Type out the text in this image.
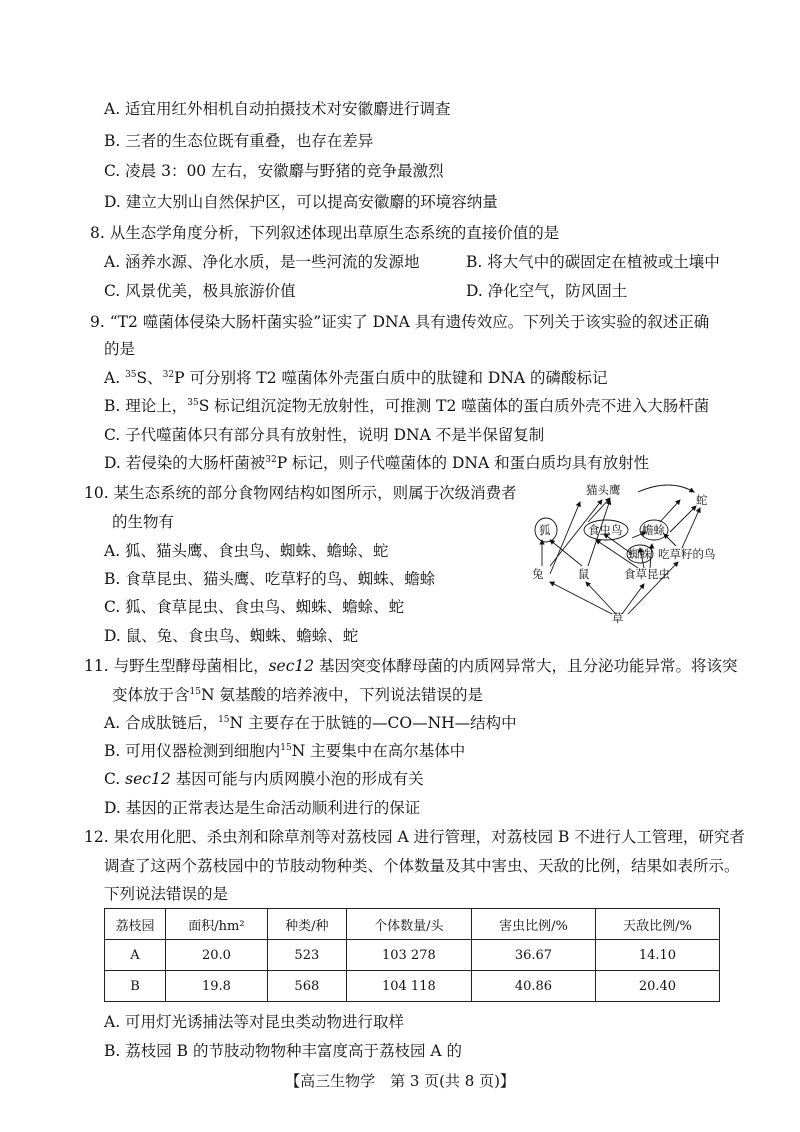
A. 适宜用红外相机自动拍摄技术对安徽麝进行调查
B. 三者的生态位既有重叠，也存在差异
C. 凌晨 3：00 左右，安徽麝与野猪的竞争最激烈
D. 建立大别山自然保护区，可以提高安徽麝的环境容纳量
8. 从生态学角度分析，下列叙述体现出草原生态系统的直接价值的是
A. 涵养水源、净化水质，是一些河流的发源地	B. 将大气中的碳固定在植被或土壤中
C. 风景优美，极具旅游价值	D. 净化空气，防风固土
9. “T2 噬菌体侵染大肠杆菌实验”证实了 DNA 具有遗传效应。下列关于该实验的叙述正确
的是
A. $^{35}$S、$^{32}$P 可分别将 T2 噬菌体外壳蛋白质中的肽键和 DNA 的磷酸标记
B. 理论上，$^{35}$S 标记组沉淀物无放射性，可推测 T2 噬菌体的蛋白质外壳不进入大肠杆菌
C. 子代噬菌体只有部分具有放射性，说明 DNA 不是半保留复制
D. 若侵染的大肠杆菌被$^{32}$P 标记，则子代噬菌体的 DNA 和蛋白质均具有放射性
10. 某生态系统的部分食物网结构如图所示，则属于次级消费者
的生物有
A. 狐、猫头鹰、食虫鸟、蜘蛛、蟾蜍、蛇
B. 食草昆虫、猫头鹰、吃草籽的鸟、蜘蛛、蟾蜍
C. 狐、食草昆虫、食虫鸟、蜘蛛、蟾蜍、蛇
D. 鼠、兔、食虫鸟、蜘蛛、蟾蜍、蛇
猫头鹰
蛇
狐	食虫鸟 蟾蜍
蜘蛛 吃草籽的鸟
兔	鼠	食草昆虫
草
11. 与野生型酵母菌相比，sec12 基因突变体酵母菌的内质网异常大，且分泌功能异常。将该突
变体放于含$^{15}$N 氨基酸的培养液中，下列说法错误的是
A. 合成肽链后，$^{15}$N 主要存在于肽链的—CO—NH—结构中
B. 可用仪器检测到细胞内$^{15}$N 主要集中在高尔基体中
C. sec12 基因可能与内质网膜小泡的形成有关
D. 基因的正常表达是生命活动顺利进行的保证
12. 果农用化肥、杀虫剂和除草剂等对荔枝园 A 进行管理，对荔枝园 B 不进行人工管理，研究者
调查了这两个荔枝园中的节肢动物种类、个体数量及其中害虫、天敌的比例，结果如表所示。
下列说法错误的是
荔枝园	面积/hm²	种类/种	个体数量/头	害虫比例/%	天敌比例/%
A	20.0	523	103 278	36.67	14.10
B	19.8	568	104 118	40.86	20.40
A. 可用灯光诱捕法等对昆虫类动物进行取样
B. 荔枝园 B 的节肢动物物种丰富度高于荔枝园 A 的
【高三生物学　第 3 页(共 8 页)】
